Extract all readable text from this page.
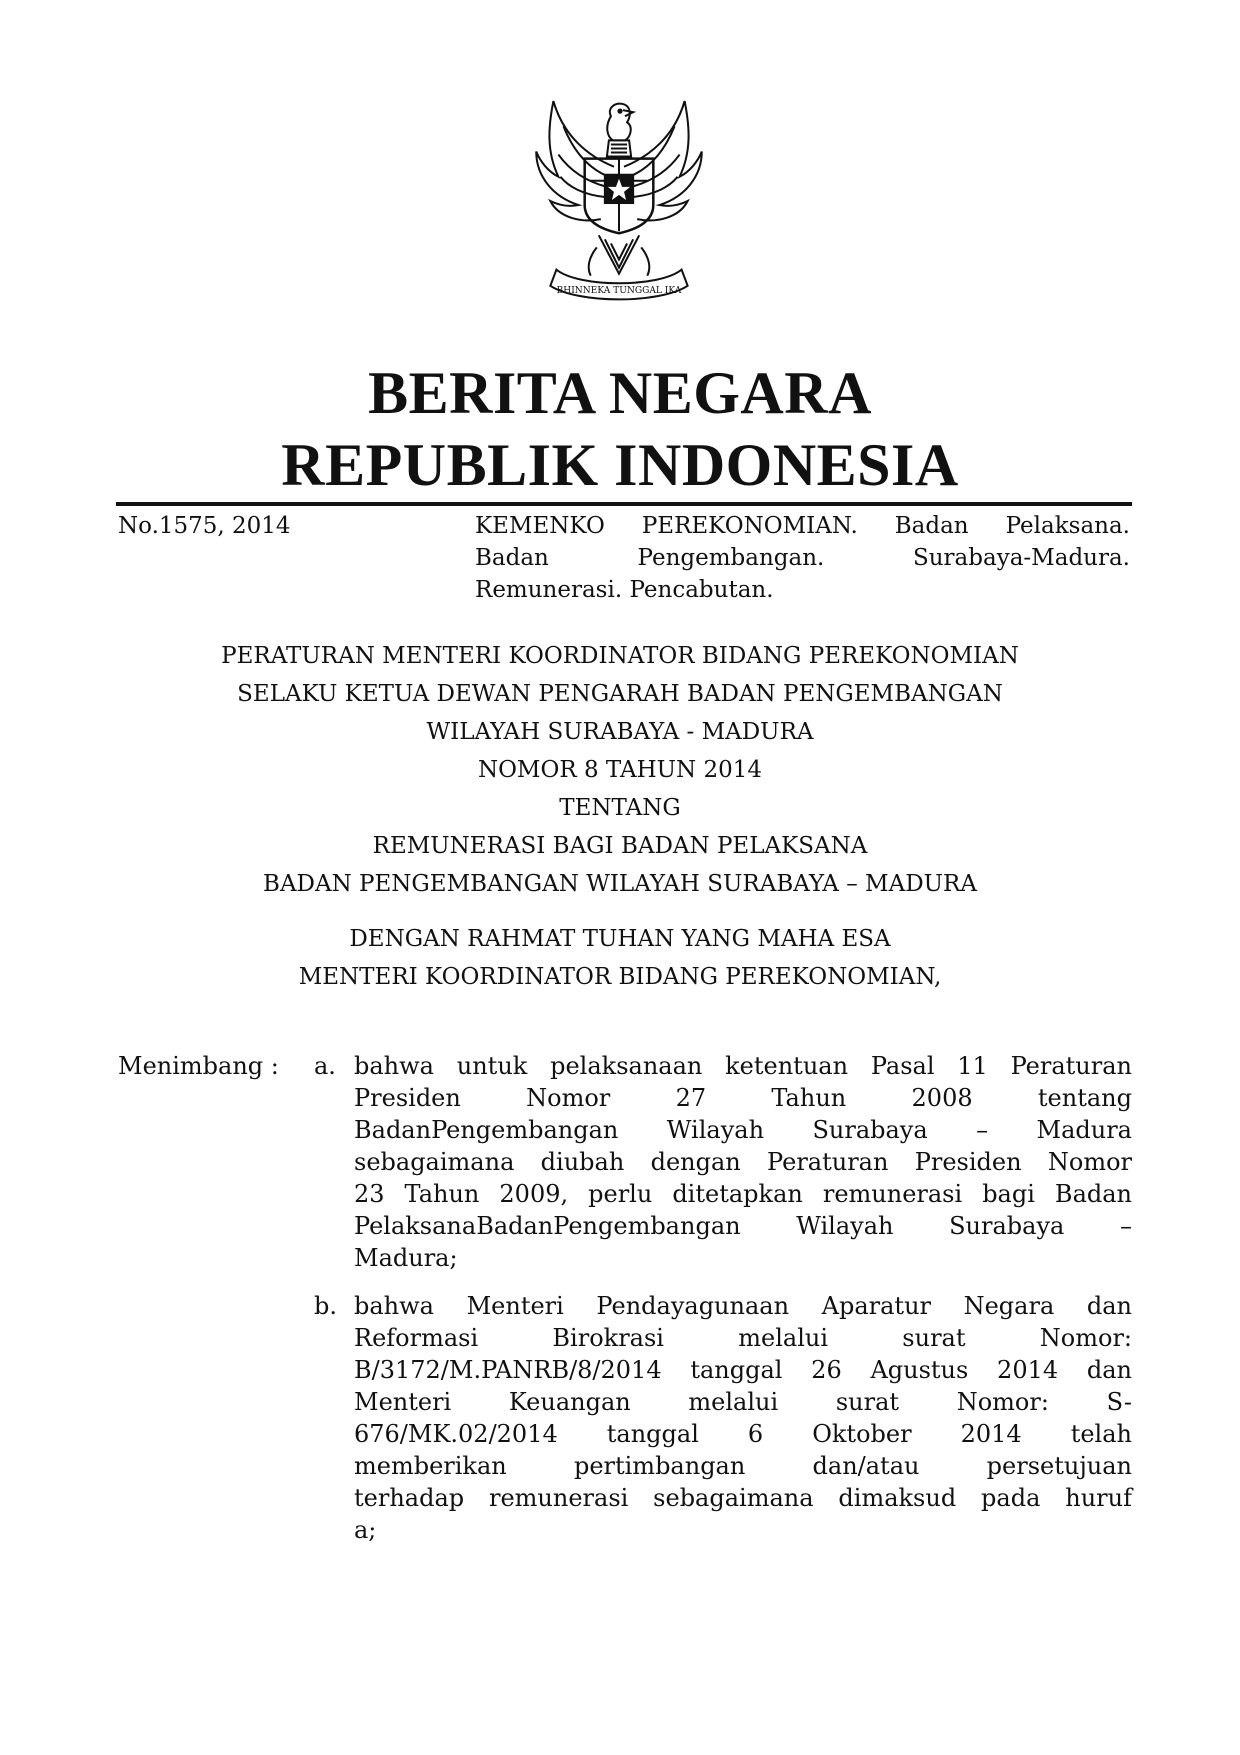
BHINNEKA TUNGGAL IKA
BERITA NEGARA
REPUBLIK INDONESIA
No.1575, 2014	KEMENKO PEREKONOMIAN. Badan Pelaksana.
Badan Pengembangan. Surabaya-Madura.
Remunerasi. Pencabutan.
PERATURAN MENTERI KOORDINATOR BIDANG PEREKONOMIAN
SELAKU KETUA DEWAN PENGARAH BADAN PENGEMBANGAN
WILAYAH SURABAYA - MADURA
NOMOR 8 TAHUN 2014
TENTANG
REMUNERASI BAGI BADAN PELAKSANA
BADAN PENGEMBANGAN WILAYAH SURABAYA – MADURA
DENGAN RAHMAT TUHAN YANG MAHA ESA
MENTERI KOORDINATOR BIDANG PEREKONOMIAN,
Menimbang : a. bahwa untuk pelaksanaan ketentuan Pasal 11 Peraturan
Presiden Nomor 27 Tahun 2008 tentang
BadanPengembangan Wilayah Surabaya – Madura
sebagaimana diubah dengan Peraturan Presiden Nomor
23 Tahun 2009, perlu ditetapkan remunerasi bagi Badan
PelaksanaBadanPengembangan Wilayah Surabaya –
Madura;
b. bahwa Menteri Pendayagunaan Aparatur Negara dan
Reformasi Birokrasi melalui surat Nomor:
B/3172/M.PANRB/8/2014 tanggal 26 Agustus 2014 dan
Menteri Keuangan melalui surat Nomor: S-
676/MK.02/2014 tanggal 6 Oktober 2014 telah
memberikan pertimbangan dan/atau persetujuan
terhadap remunerasi sebagaimana dimaksud pada huruf
a;
